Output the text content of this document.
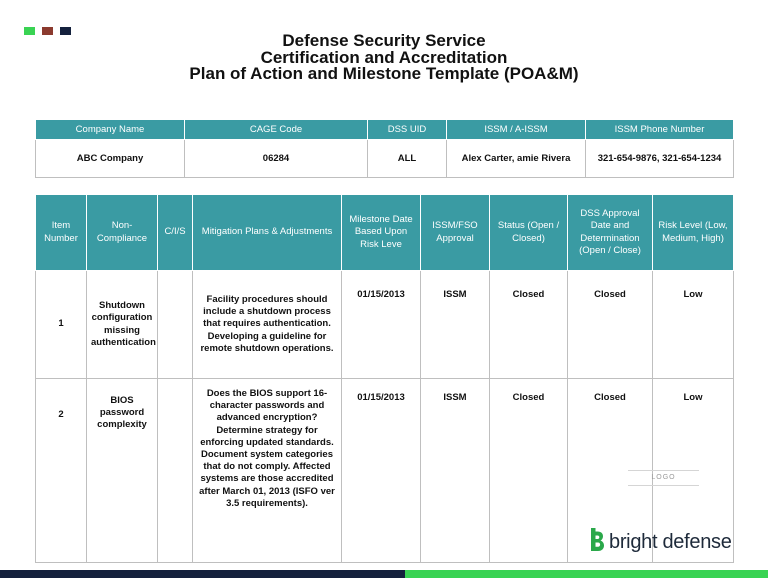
Defense Security Service
Certification and Accreditation
Plan of Action and Milestone Template (POA&M)
Company Name	CAGE Code	DSS UID	ISSM / A-ISSM	ISSM Phone Number
ABC Company	06284	ALL	Alex Carter, amie Rivera	321-654-9876, 321-654-1234
Item Number	Non-Compliance	C/I/S	Mitigation Plans & Adjustments	Milestone Date Based Upon Risk Leve	ISSM/FSO Approval	Status (Open / Closed)	DSS Approval Date and Determination (Open / Close)	Risk Level (Low, Medium, High)
1	Shutdown configuration missing authentication		Facility procedures should include a shutdown process that requires authentication. Developing a guideline for remote shutdown operations.	01/15/2013	ISSM	Closed	Closed	Low
2	BIOS password complexity		Does the BIOS support 16-character passwords and advanced encryption? Determine strategy for enforcing updated standards. Document system categories that do not comply. Affected systems are those accredited after March 01, 2013 (ISFO ver 3.5 requirements).	01/15/2013	ISSM	Closed	Closed	Low
LOGO
bright defense
